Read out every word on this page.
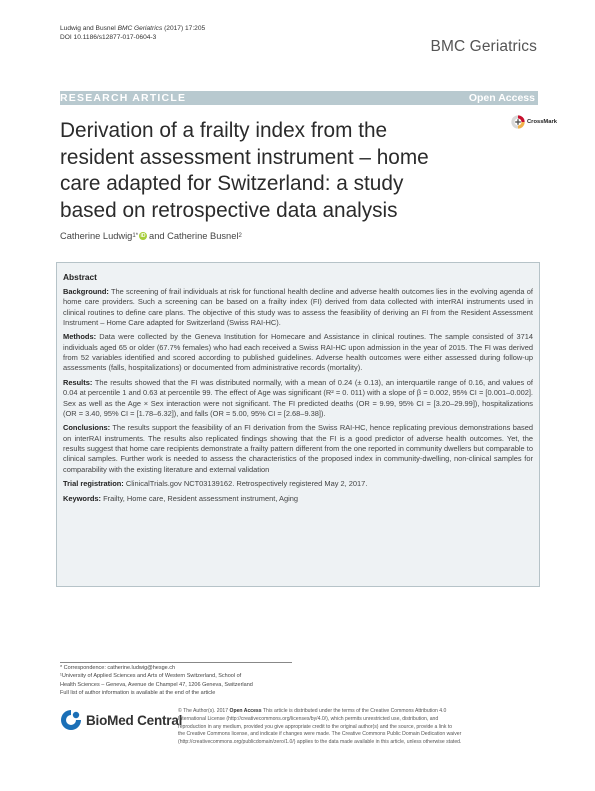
Ludwig and Busnel BMC Geriatrics (2017) 17:205
DOI 10.1186/s12877-017-0604-3
BMC Geriatrics
RESEARCH ARTICLE	Open Access
Derivation of a frailty index from the
resident assessment instrument – home
care adapted for Switzerland: a study
based on retrospective data analysis
CrossMark
Catherine Ludwig 1* iD and Catherine Busnel 2
Abstract

Background: The screening of frail individuals at risk for functional health decline and adverse health outcomes lies in the evolving agenda of home care providers. Such a screening can be based on a frailty index (FI) derived from data collected with interRAI instruments used in clinical routines to define care plans. The objective of this study was to assess the feasibility of deriving an FI from the Resident Assessment Instrument – Home Care adapted for Switzerland (Swiss RAI-HC).

Methods: Data were collected by the Geneva Institution for Homecare and Assistance in clinical routines. The sample consisted of 3714 individuals aged 65 or older (67.7% females) who had each received a Swiss RAI-HC upon admission in the year of 2015. The FI was derived from 52 variables identified and scored according to published guidelines. Adverse health outcomes were either assessed during follow-up assessments (falls, hospitalizations) or documented from administrative records (mortality).

Results: The results showed that the FI was distributed normally, with a mean of 0.24 (± 0.13), an interquartile range of 0.16, and values of 0.04 at percentile 1 and 0.63 at percentile 99. The effect of Age was significant (R² = 0. 011) with a slope of β = 0.002, 95% CI = [0.001–0.002]. Sex as well as the Age × Sex interaction were not significant. The FI predicted deaths (OR = 9.99, 95% CI = [3.20–29.99]), hospitalizations (OR = 3.40, 95% CI = [1.78–6.32]), and falls (OR = 5.00, 95% CI = [2.68–9.38]).

Conclusions: The results support the feasibility of an FI derivation from the Swiss RAI-HC, hence replicating previous demonstrations based on interRAI instruments. The results also replicated findings showing that the FI is a good predictor of adverse health outcomes. Yet, the results suggest that home care recipients demonstrate a frailty pattern different from the one reported in community dwellers but comparable to clinical samples. Further work is needed to assess the characteristics of the proposed index in community-dwelling, non-clinical samples for comparability with the existing literature and external validation

Trial registration: ClinicalTrials.gov NCT03139162. Retrospectively registered May 2, 2017.

Keywords: Frailty, Home care, Resident assessment instrument, Aging

* Correspondence: catherine.ludwig@hesge.ch
¹University of Applied Sciences and Arts of Western Switzerland, School of
Health Sciences – Geneva, Avenue de Champel 47, 1206 Geneva, Switzerland
Full list of author information is available at the end of the article
BioMed Central
© The Author(s). 2017 Open Access This article is distributed under the terms of the Creative Commons Attribution 4.0
International License (http://creativecommons.org/licenses/by/4.0/), which permits unrestricted use, distribution, and
reproduction in any medium, provided you give appropriate credit to the original author(s) and the source, provide a link to
the Creative Commons license, and indicate if changes were made. The Creative Commons Public Domain Dedication waiver
(http://creativecommons.org/publicdomain/zero/1.0/) applies to the data made available in this article, unless otherwise stated.
